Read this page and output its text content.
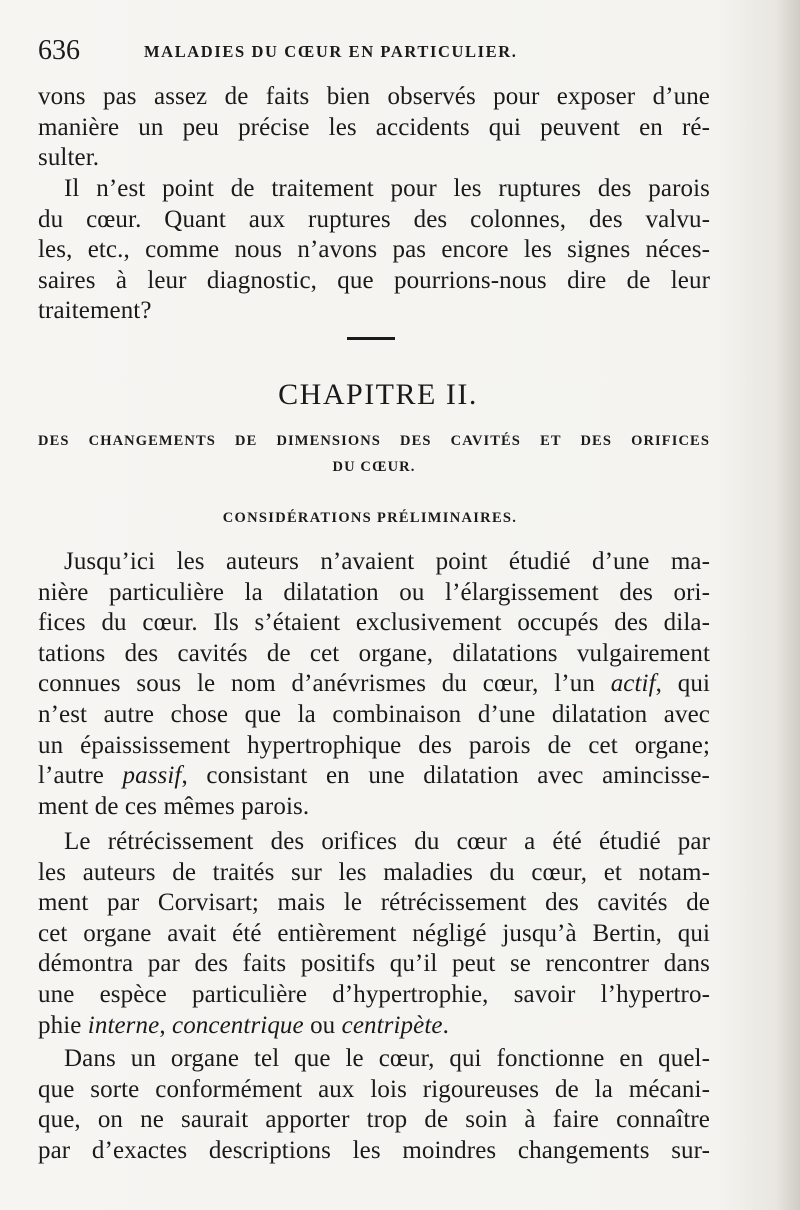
636	MALADIES DU CŒUR EN PARTICULIER.
vons pas assez de faits bien observés pour exposer d’une
manière un peu précise les accidents qui peuvent en ré-
sulter.
Il n’est point de traitement pour les ruptures des parois
du cœur. Quant aux ruptures des colonnes, des valvu-
les, etc., comme nous n’avons pas encore les signes néces-
saires à leur diagnostic, que pourrions-nous dire de leur
traitement?
CHAPITRE II.
DES CHANGEMENTS DE DIMENSIONS DES CAVITÉS ET DES ORIFICES
DU CŒUR.
CONSIDÉRATIONS PRÉLIMINAIRES.
Jusqu’ici les auteurs n’avaient point étudié d’une ma-
nière particulière la dilatation ou l’élargissement des ori-
fices du cœur. Ils s’étaient exclusivement occupés des dila-
tations des cavités de cet organe, dilatations vulgairement
connues sous le nom d’anévrismes du cœur, l’un actif, qui
n’est autre chose que la combinaison d’une dilatation avec
un épaississement hypertrophique des parois de cet organe;
l’autre passif, consistant en une dilatation avec amincisse-
ment de ces mêmes parois.
Le rétrécissement des orifices du cœur a été étudié par
les auteurs de traités sur les maladies du cœur, et notam-
ment par Corvisart; mais le rétrécissement des cavités de
cet organe avait été entièrement négligé jusqu’à Bertin, qui
démontra par des faits positifs qu’il peut se rencontrer dans
une espèce particulière d’hypertrophie, savoir l’hypertro-
phie interne, concentrique ou centripète.
Dans un organe tel que le cœur, qui fonctionne en quel-
que sorte conformément aux lois rigoureuses de la mécani-
que, on ne saurait apporter trop de soin à faire connaître
par d’exactes descriptions les moindres changements sur-
